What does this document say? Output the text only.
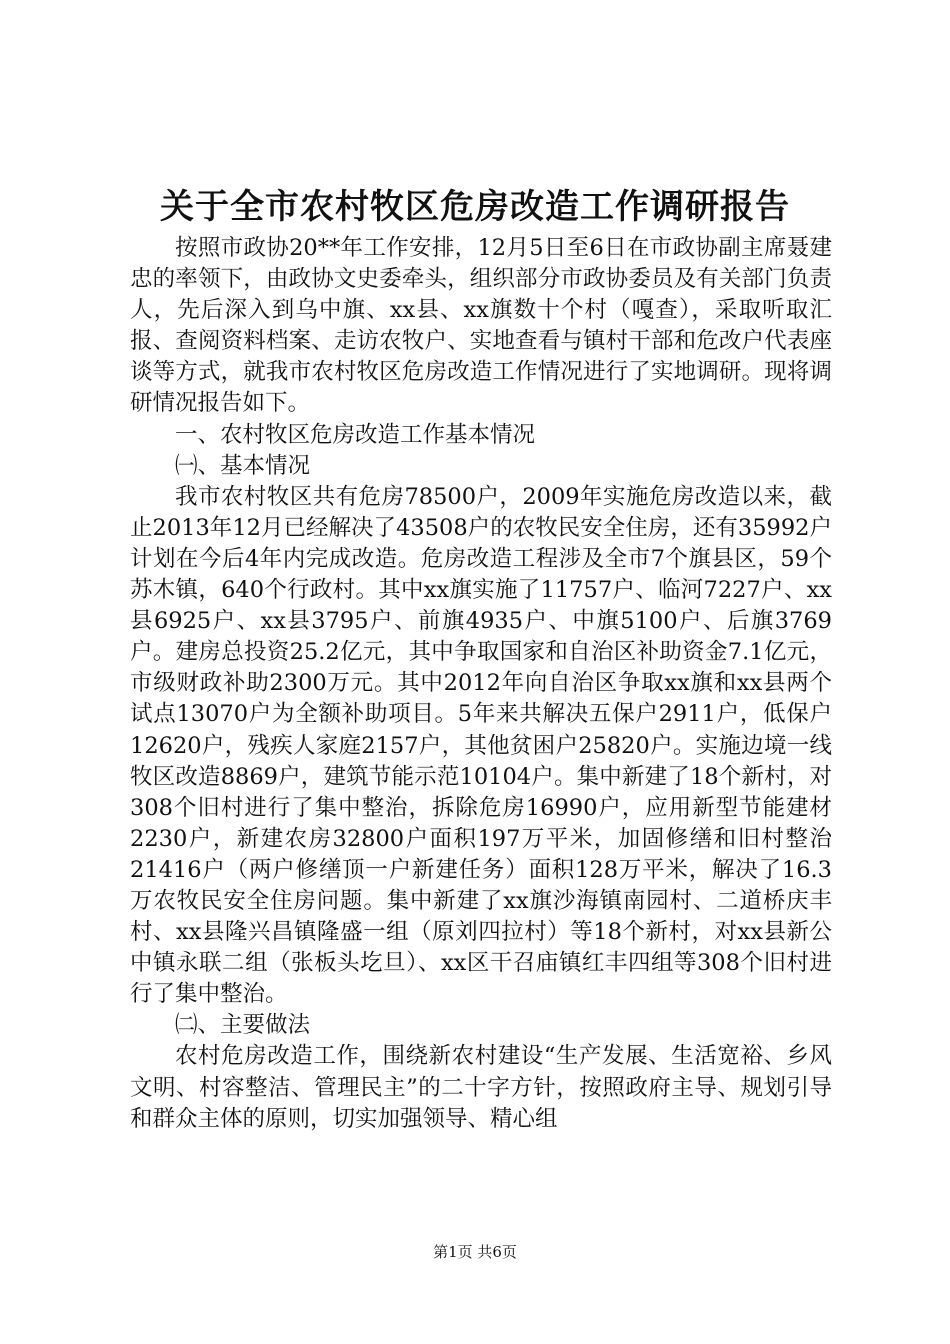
关于全市农村牧区危房改造工作调研报告

按照市政协20**年工作安排，12月5日至6日在市政协副主席聂建忠的率领下，由政协文史委牵头，组织部分市政协委员及有关部门负责人，先后深入到乌中旗、xx县、xx旗数十个村（嘎查），采取听取汇报、查阅资料档案、走访农牧户、实地查看与镇村干部和危改户代表座谈等方式，就我市农村牧区危房改造工作情况进行了实地调研。现将调研情况报告如下。

一、农村牧区危房改造工作基本情况

㈠、基本情况

我市农村牧区共有危房78500户，2009年实施危房改造以来，截止2013年12月已经解决了43508户的农牧民安全住房，还有35992户计划在今后4年内完成改造。危房改造工程涉及全市7个旗县区，59个苏木镇，640个行政村。其中xx旗实施了11757户、临河7227户、xx县6925户、xx县3795户、前旗4935户、中旗5100户、后旗3769户。建房总投资25.2亿元，其中争取国家和自治区补助资金7.1亿元，市级财政补助2300万元。其中2012年向自治区争取xx旗和xx县两个试点13070户为全额补助项目。5年来共解决五保户2911户，低保户12620户，残疾人家庭2157户，其他贫困户25820户。实施边境一线牧区改造8869户，建筑节能示范10104户。集中新建了18个新村，对308个旧村进行了集中整治，拆除危房16990户，应用新型节能建材2230户，新建农房32800户面积197万平米，加固修缮和旧村整治21416户（两户修缮顶一户新建任务）面积128万平米，解决了16.3万农牧民安全住房问题。集中新建了xx旗沙海镇南园村、二道桥庆丰村、xx县隆兴昌镇隆盛一组（原刘四拉村）等18个新村，对xx县新公中镇永联二组（张板头圪旦）、xx区干召庙镇红丰四组等308个旧村进行了集中整治。

㈡、主要做法

农村危房改造工作，围绕新农村建设“生产发展、生活宽裕、乡风文明、村容整洁、管理民主”的二十字方针，按照政府主导、规划引导和群众主体的原则，切实加强领导、精心组

第1页 共6页
